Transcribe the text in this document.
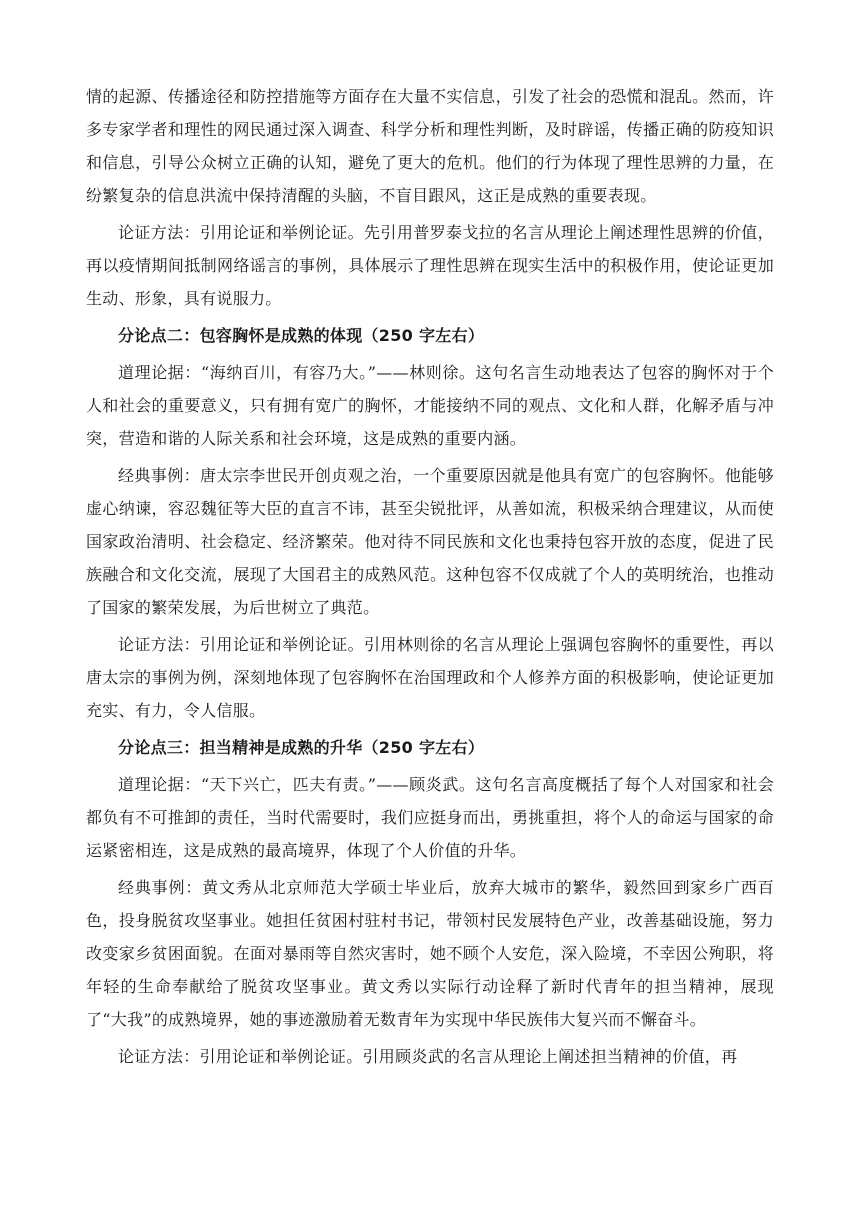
情的起源、传播途径和防控措施等方面存在大量不实信息，引发了社会的恐慌和混乱。然而，许多专家学者和理性的网民通过深入调查、科学分析和理性判断，及时辟谣，传播正确的防疫知识和信息，引导公众树立正确的认知，避免了更大的危机。他们的行为体现了理性思辨的力量，在纷繁复杂的信息洪流中保持清醒的头脑，不盲目跟风，这正是成熟的重要表现。

论证方法：引用论证和举例论证。先引用普罗泰戈拉的名言从理论上阐述理性思辨的价值，再以疫情期间抵制网络谣言的事例，具体展示了理性思辨在现实生活中的积极作用，使论证更加生动、形象，具有说服力。

分论点二：包容胸怀是成熟的体现（250 字左右）

道理论据：“海纳百川，有容乃大。”——林则徐。这句名言生动地表达了包容的胸怀对于个人和社会的重要意义，只有拥有宽广的胸怀，才能接纳不同的观点、文化和人群，化解矛盾与冲突，营造和谐的人际关系和社会环境，这是成熟的重要内涵。

经典事例：唐太宗李世民开创贞观之治，一个重要原因就是他具有宽广的包容胸怀。他能够虚心纳谏，容忍魏征等大臣的直言不讳，甚至尖锐批评，从善如流，积极采纳合理建议，从而使国家政治清明、社会稳定、经济繁荣。他对待不同民族和文化也秉持包容开放的态度，促进了民族融合和文化交流，展现了大国君主的成熟风范。这种包容不仅成就了个人的英明统治，也推动了国家的繁荣发展，为后世树立了典范。

论证方法：引用论证和举例论证。引用林则徐的名言从理论上强调包容胸怀的重要性，再以唐太宗的事例为例，深刻地体现了包容胸怀在治国理政和个人修养方面的积极影响，使论证更加充实、有力，令人信服。

分论点三：担当精神是成熟的升华（250 字左右）

道理论据：“天下兴亡，匹夫有责。”——顾炎武。这句名言高度概括了每个人对国家和社会都负有不可推卸的责任，当时代需要时，我们应挺身而出，勇挑重担，将个人的命运与国家的命运紧密相连，这是成熟的最高境界，体现了个人价值的升华。

经典事例：黄文秀从北京师范大学硕士毕业后，放弃大城市的繁华，毅然回到家乡广西百色，投身脱贫攻坚事业。她担任贫困村驻村书记，带领村民发展特色产业，改善基础设施，努力改变家乡贫困面貌。在面对暴雨等自然灾害时，她不顾个人安危，深入险境，不幸因公殉职，将年轻的生命奉献给了脱贫攻坚事业。黄文秀以实际行动诠释了新时代青年的担当精神，展现了“大我”的成熟境界，她的事迹激励着无数青年为实现中华民族伟大复兴而不懈奋斗。

论证方法：引用论证和举例论证。引用顾炎武的名言从理论上阐述担当精神的价值，再
